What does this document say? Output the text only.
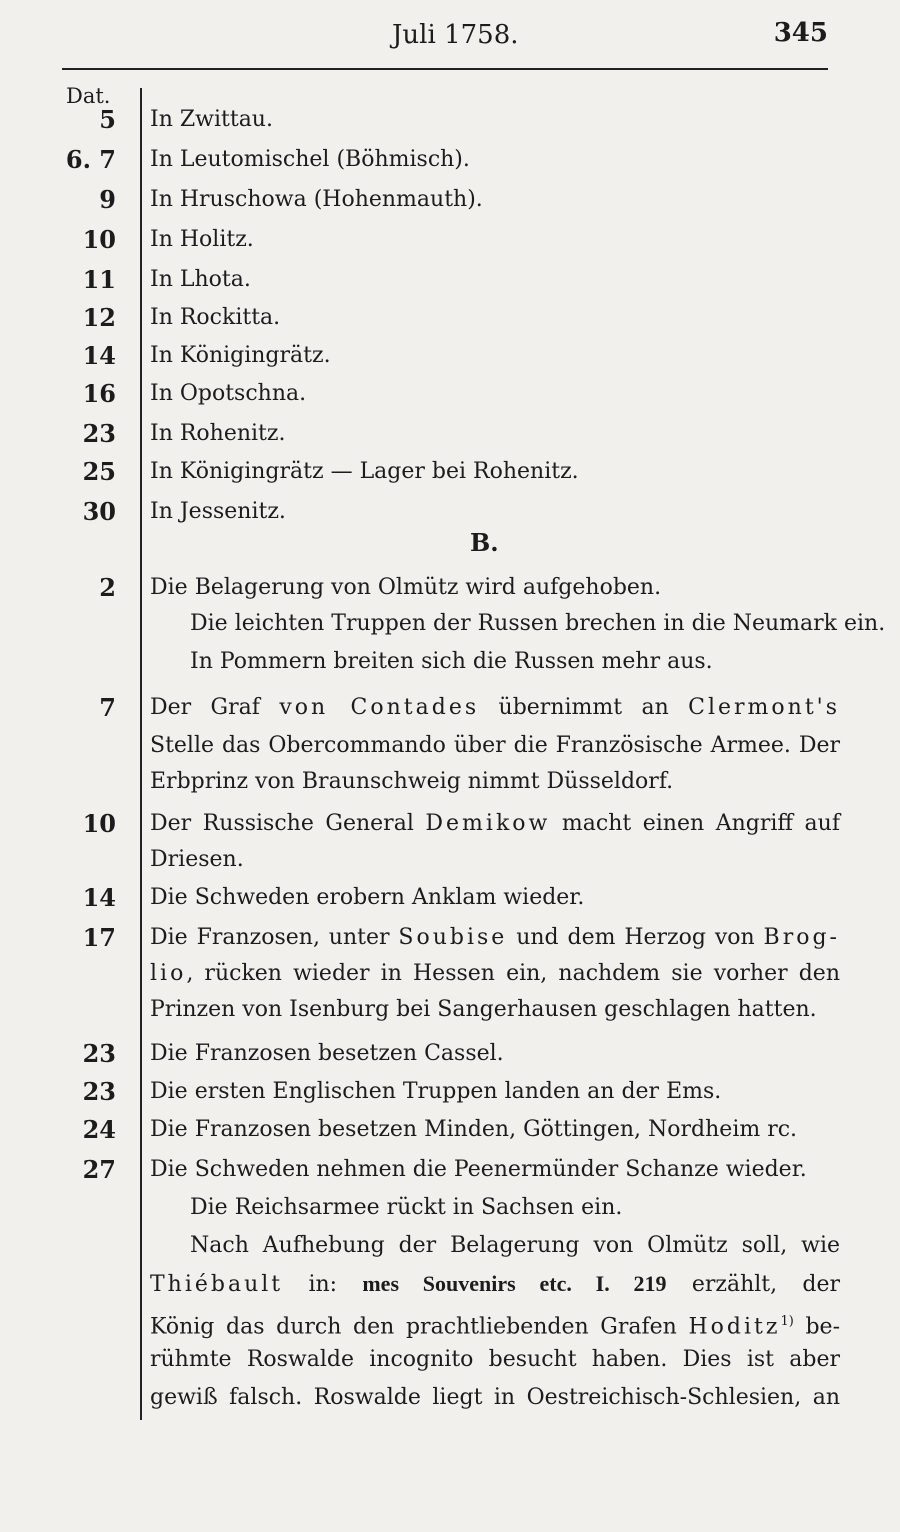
Juli 1758.	345
Dat.
5 In Zwittau.
6. 7 In Leutomischel (Böhmisch).
9 In Hruschowa (Hohenmauth).
10 In Holitz.
11 In Lhota.
12 In Rockitta.
14 In Königingrätz.
16 In Opotschna.
23 In Rohenitz.
25 In Königingrätz — Lager bei Rohenitz.
30 In Jessenitz.
B.
2 Die Belagerung von Olmütz wird aufgehoben.
Die leichten Truppen der Russen brechen in die Neumark ein.
In Pommern breiten sich die Russen mehr aus.
7 Der Graf von Contades übernimmt an Clermont's
Stelle das Obercommando über die Französische Armee. Der
Erbprinz von Braunschweig nimmt Düsseldorf.
10 Der Russische General Demikow macht einen Angriff auf
Driesen.
14 Die Schweden erobern Anklam wieder.
17 Die Franzosen, unter Soubise und dem Herzog von Brog-
lio, rücken wieder in Hessen ein, nachdem sie vorher den
Prinzen von Isenburg bei Sangerhausen geschlagen hatten.
23 Die Franzosen besetzen Cassel.
23 Die ersten Englischen Truppen landen an der Ems.
24 Die Franzosen besetzen Minden, Göttingen, Nordheim rc.
27 Die Schweden nehmen die Peenermünder Schanze wieder.
Die Reichsarmee rückt in Sachsen ein.
Nach Aufhebung der Belagerung von Olmütz soll, wie
Thiébault in: mes Souvenirs etc. I. 219 erzählt, der
König das durch den prachtliebenden Grafen Hoditz$^{1)}$ be-
rühmte Roswalde incognito besucht haben. Dies ist aber
gewiß falsch. Roswalde liegt in Oestreichisch-Schlesien, an
